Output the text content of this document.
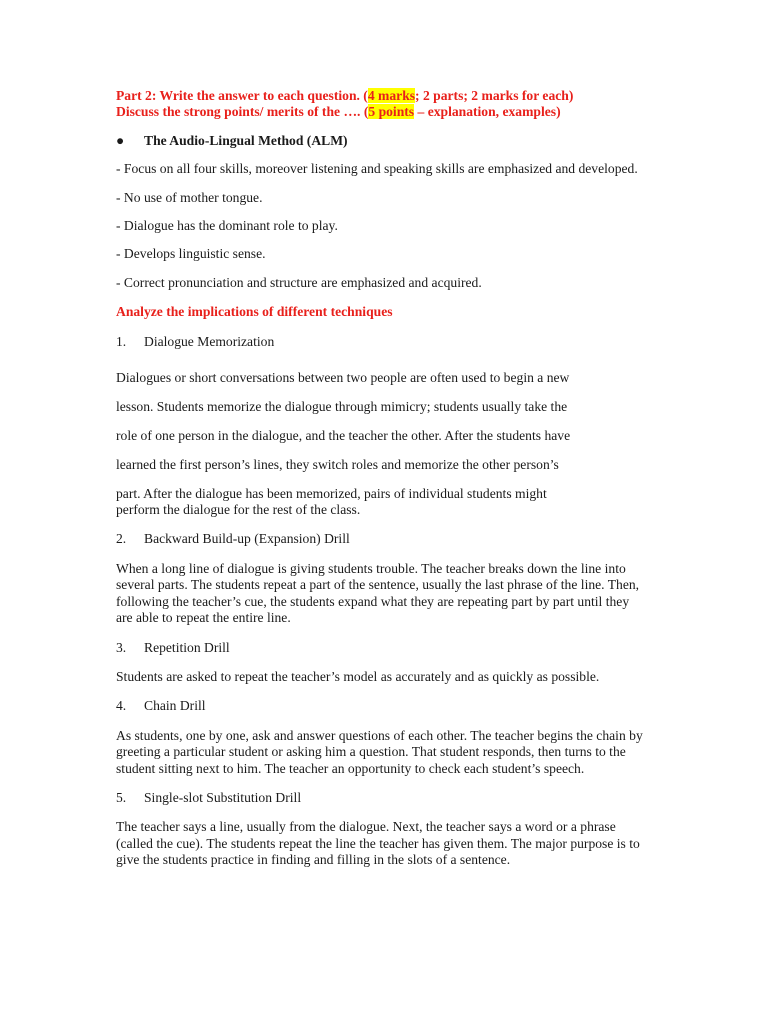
Part 2: Write the answer to each question. (4 marks; 2 parts; 2 marks for each)

Discuss the strong points/ merits of the …. (5 points – explanation, examples)

●	The Audio-Lingual Method (ALM)
- Focus on all four skills, moreover listening and speaking skills are emphasized and developed.
- No use of mother tongue.
- Dialogue has the dominant role to play.
- Develops linguistic sense.
- Correct pronunciation and structure are emphasized and acquired.
Analyze the implications of different techniques
1.	Dialogue Memorization
Dialogues or short conversations between two people are often used to begin a new
lesson. Students memorize the dialogue through mimicry; students usually take the
role of one person in the dialogue, and the teacher the other. After the students have
learned the first person’s lines, they switch roles and memorize the other person’s
part. After the dialogue has been memorized, pairs of individual students might
perform the dialogue for the rest of the class.
2.	Backward Build-up (Expansion) Drill
When a long line of dialogue is giving students trouble. The teacher breaks down the line into several parts. The students repeat a part of the sentence, usually the last phrase of the line. Then, following the teacher’s cue, the students expand what they are repeating part by part until they are able to repeat the entire line.
3.	Repetition Drill
Students are asked to repeat the teacher’s model as accurately and as quickly as possible.
4.	Chain Drill
As students, one by one, ask and answer questions of each other. The teacher begins the chain by greeting a particular student or asking him a question. That student responds, then turns to the student sitting next to him. The teacher an opportunity to check each student’s speech.
5.	Single-slot Substitution Drill
The teacher says a line, usually from the dialogue. Next, the teacher says a word or a phrase (called the cue). The students repeat the line the teacher has given them. The major purpose is to give the students practice in finding and filling in the slots of a sentence.
